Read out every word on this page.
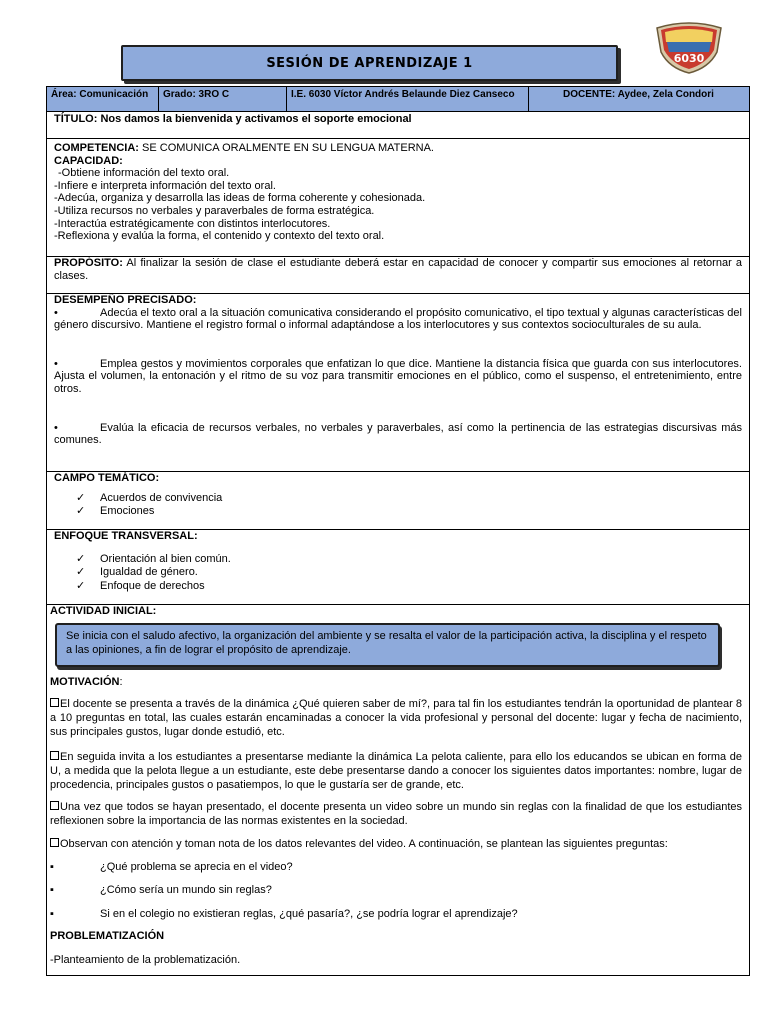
SESIÓN DE APRENDIZAJE 1	6030
Área: Comunicación	Grado: 3RO C	I.E. 6030 Víctor Andrés Belaunde Diez Canseco	DOCENTE: Aydee, Zela Condori
TÍTULO: Nos damos la bienvenida y activamos el soporte emocional
COMPETENCIA: SE COMUNICA ORALMENTE EN SU LENGUA MATERNA.
CAPACIDAD:
-Obtiene información del texto oral.
-Infiere e interpreta información del texto oral.
-Adecúa, organiza y desarrolla las ideas de forma coherente y cohesionada.
-Utiliza recursos no verbales y paraverbales de forma estratégica.
-Interactúa estratégicamente con distintos interlocutores.
-Reflexiona y evalúa la forma, el contenido y contexto del texto oral.
PROPÓSITO: Al finalizar la sesión de clase el estudiante deberá estar en capacidad de conocer y compartir sus emociones al retornar a clases.
DESEMPEÑO PRECISADO:
•	Adecúa el texto oral a la situación comunicativa considerando el propósito comunicativo, el tipo textual y algunas características del género discursivo. Mantiene el registro formal o informal adaptándose a los interlocutores y sus contextos socioculturales de su aula.
•	Emplea gestos y movimientos corporales que enfatizan lo que dice. Mantiene la distancia física que guarda con sus interlocutores. Ajusta el volumen, la entonación y el ritmo de su voz para transmitir emociones en el público, como el suspenso, el entretenimiento, entre otros.
•	Evalúa la eficacia de recursos verbales, no verbales y paraverbales, así como la pertinencia de las estrategias discursivas más comunes.
CAMPO TEMÁTICO:
✓	Acuerdos de convivencia
✓	Emociones
ENFOQUE TRANSVERSAL:
✓	Orientación al bien común.
✓	Igualdad de género.
✓	Enfoque de derechos
ACTIVIDAD INICIAL:
Se inicia con el saludo afectivo, la organización del ambiente y se resalta el valor de la participación activa, la disciplina y el respeto a las opiniones, a fin de lograr el propósito de aprendizaje.
MOTIVACIÓN:
El docente se presenta a través de la dinámica ¿Qué quieren saber de mí?, para tal fin los estudiantes tendrán la oportunidad de plantear 8 a 10 preguntas en total, las cuales estarán encaminadas a conocer la vida profesional y personal del docente: lugar y fecha de nacimiento, sus principales gustos, lugar donde estudió, etc.
En seguida invita a los estudiantes a presentarse mediante la dinámica La pelota caliente, para ello los educandos se ubican en forma de U, a medida que la pelota llegue a un estudiante, este debe presentarse dando a conocer los siguientes datos importantes: nombre, lugar de procedencia, principales gustos o pasatiempos, lo que le gustaría ser de grande, etc.
Una vez que todos se hayan presentado, el docente presenta un video sobre un mundo sin reglas con la finalidad de que los estudiantes reflexionen sobre la importancia de las normas existentes en la sociedad.
Observan con atención y toman nota de los datos relevantes del video. A continuación, se plantean las siguientes preguntas:
▪	¿Qué problema se aprecia en el video?
▪	¿Cómo sería un mundo sin reglas?
▪	Si en el colegio no existieran reglas, ¿qué pasaría?, ¿se podría lograr el aprendizaje?
PROBLEMATIZACIÓN
-Planteamiento de la problematización.
